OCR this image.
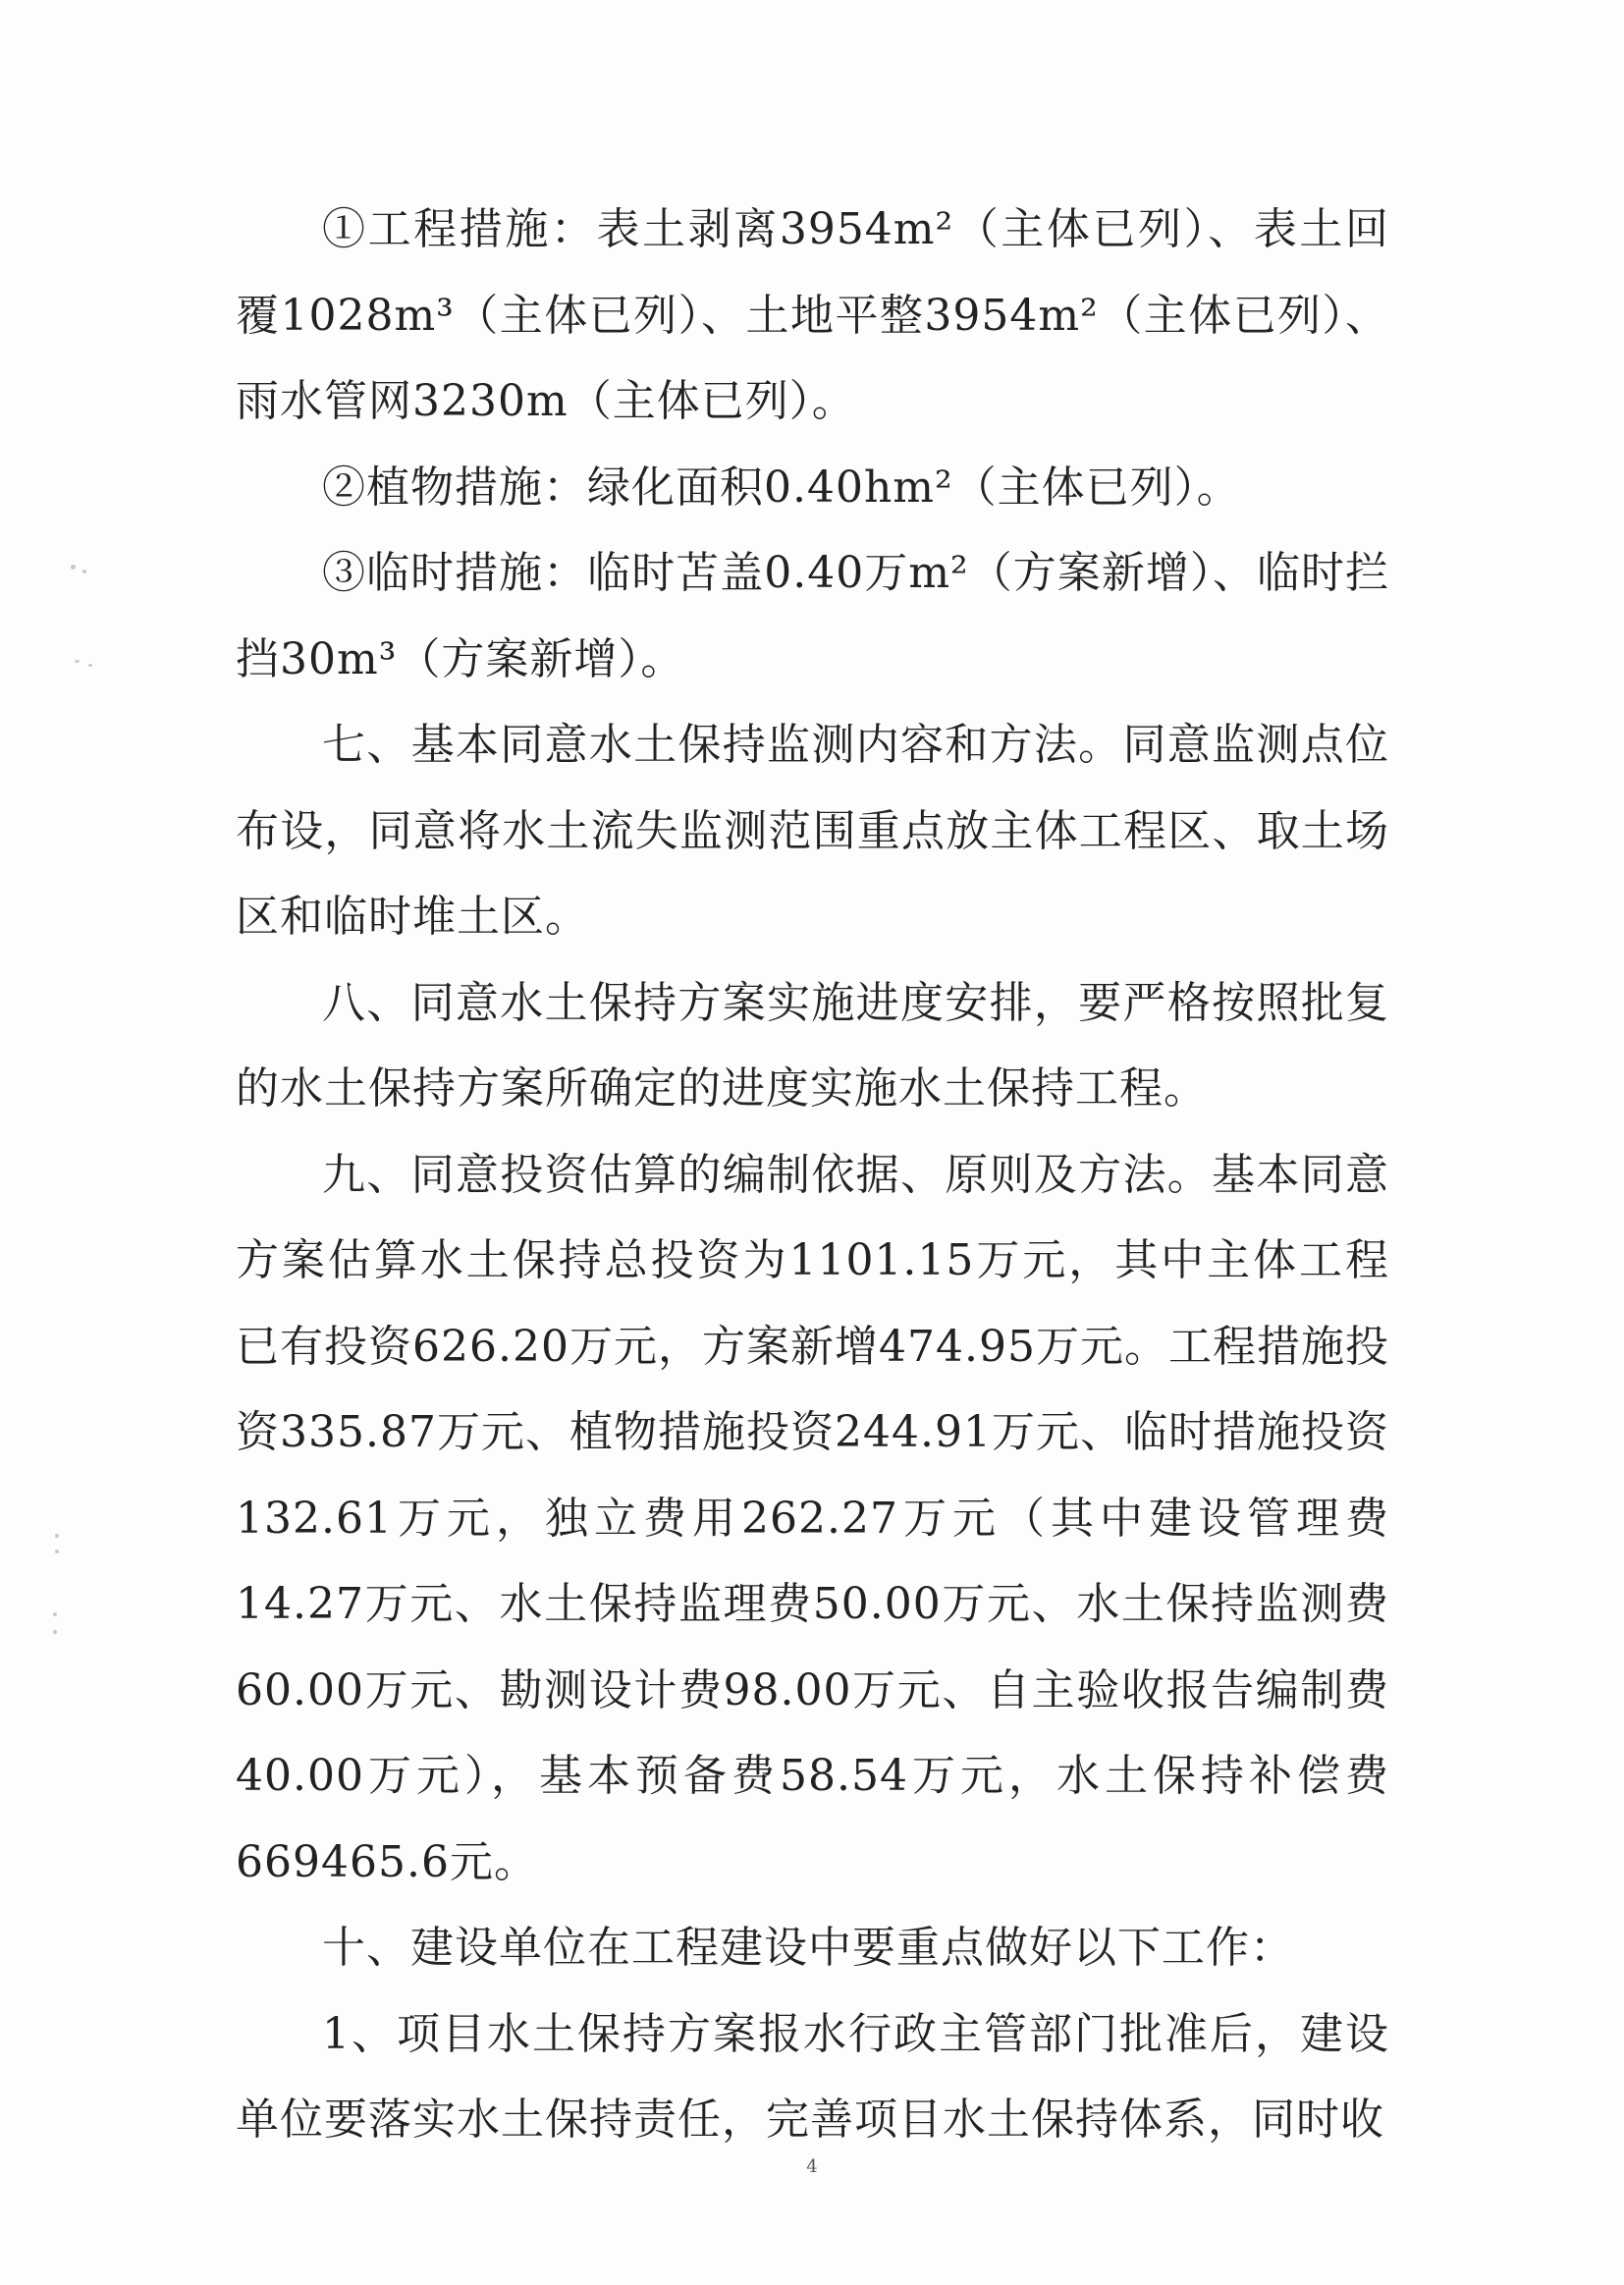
①工程措施：表土剥离3954m²（主体已列）、表土回覆1028m³（主体已列）、土地平整3954m²（主体已列）、雨水管网3230m（主体已列）。

②植物措施：绿化面积0.40hm²（主体已列）。

③临时措施：临时苫盖0.40万m²（方案新增）、临时拦挡30m³（方案新增）。

七、基本同意水土保持监测内容和方法。同意监测点位布设，同意将水土流失监测范围重点放主体工程区、取土场区和临时堆土区。

八、同意水土保持方案实施进度安排，要严格按照批复的水土保持方案所确定的进度实施水土保持工程。

九、同意投资估算的编制依据、原则及方法。基本同意方案估算水土保持总投资为1101.15万元，其中主体工程已有投资626.20万元，方案新增474.95万元。工程措施投资335.87万元、植物措施投资244.91万元、临时措施投资132.61万元，独立费用262.27万元（其中建设管理费14.27万元、水土保持监理费50.00万元、水土保持监测费60.00万元、勘测设计费98.00万元、自主验收报告编制费40.00万元），基本预备费58.54万元，水土保持补偿费669465.6元。

十、建设单位在工程建设中要重点做好以下工作：

1、项目水土保持方案报水行政主管部门批准后，建设单位要落实水土保持责任，完善项目水土保持体系，同时收

4
